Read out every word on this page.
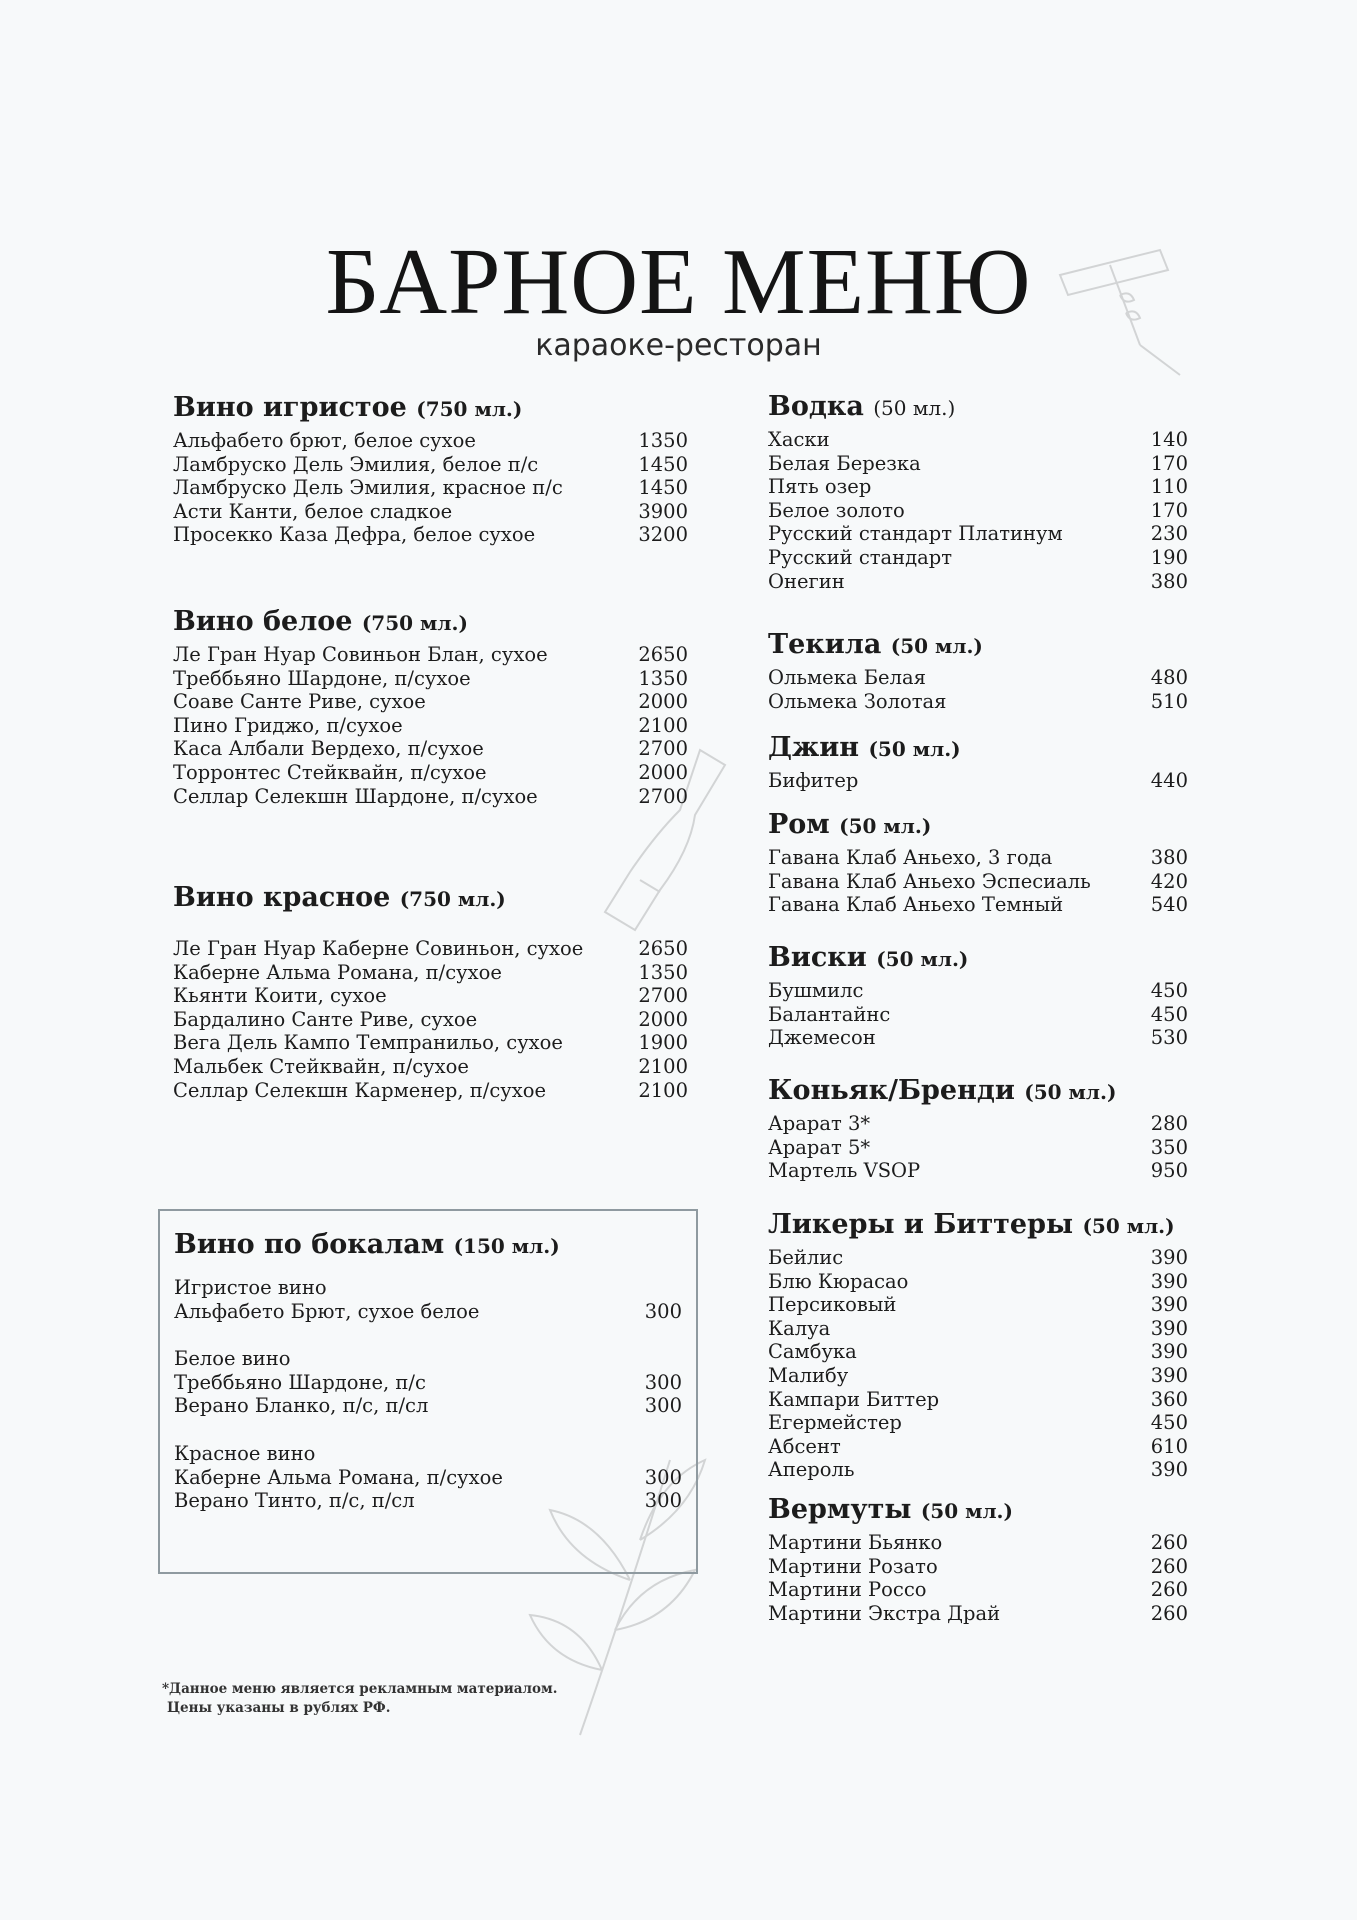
БАРНОЕ МЕНЮ
караоке-ресторан
Вино игристое (750 мл.)
Альфабето брют, белое сухое	1350
Ламбруско Дель Эмилия, белое п/с	1450
Ламбруско Дель Эмилия, красное п/с	1450
Асти Канти, белое сладкое	3900
Просекко Каза Дефра, белое сухое	3200
Вино белое (750 мл.)
Ле Гран Нуар Совиньон Блан, сухое	2650
Треббьяно Шардоне, п/сухое	1350
Соаве Санте Риве, сухое	2000
Пино Гриджо, п/сухое	2100
Каса Албали Вердехо, п/сухое	2700
Торронтес Стейквайн, п/сухое	2000
Селлар Селекшн Шардоне, п/сухое	2700
Вино красное (750 мл.)
Ле Гран Нуар Каберне Совиньон, сухое	2650
Каберне Альма Романа, п/сухое	1350
Кьянти Коити, сухое	2700
Бардалино Санте Риве, сухое	2000
Вега Дель Кампо Темпранильо, сухое	1900
Мальбек Стейквайн, п/сухое	2100
Селлар Селекшн Карменер, п/сухое	2100
Вино по бокалам (150 мл.)
Игристое вино
Альфабето Брют, сухое белое	300
Белое вино
Треббьяно Шардоне, п/с	300
Верано Бланко, п/с, п/сл	300
Красное вино
Каберне Альма Романа, п/сухое	300
Верано Тинто, п/с, п/сл	300
Водка (50 мл.)
Хаски	140
Белая Березка	170
Пять озер	110
Белое золото	170
Русский стандарт Платинум	230
Русский стандарт	190
Онегин	380
Текила (50 мл.)
Ольмека Белая	480
Ольмека Золотая	510
Джин (50 мл.)
Бифитер	440
Ром (50 мл.)
Гавана Клаб Аньехо, 3 года	380
Гавана Клаб Аньехо Эспесиаль	420
Гавана Клаб Аньехо Темный	540
Виски (50 мл.)
Бушмилс	450
Балантайнс	450
Джемесон	530
Коньяк/Бренди (50 мл.)
Арарат 3*	280
Арарат 5*	350
Мартель VSOP	950
Ликеры и Биттеры (50 мл.)
Бейлис	390
Блю Кюрасао	390
Персиковый	390
Калуа	390
Самбука	390
Малибу	390
Кампари Биттер	360
Егермейстер	450
Абсент	610
Апероль	390
Вермуты (50 мл.)
Мартини Бьянко	260
Мартини Розато	260
Мартини Россо	260
Мартини Экстра Драй	260
*Данное меню является рекламным материалом.
Цены указаны в рублях РФ.
